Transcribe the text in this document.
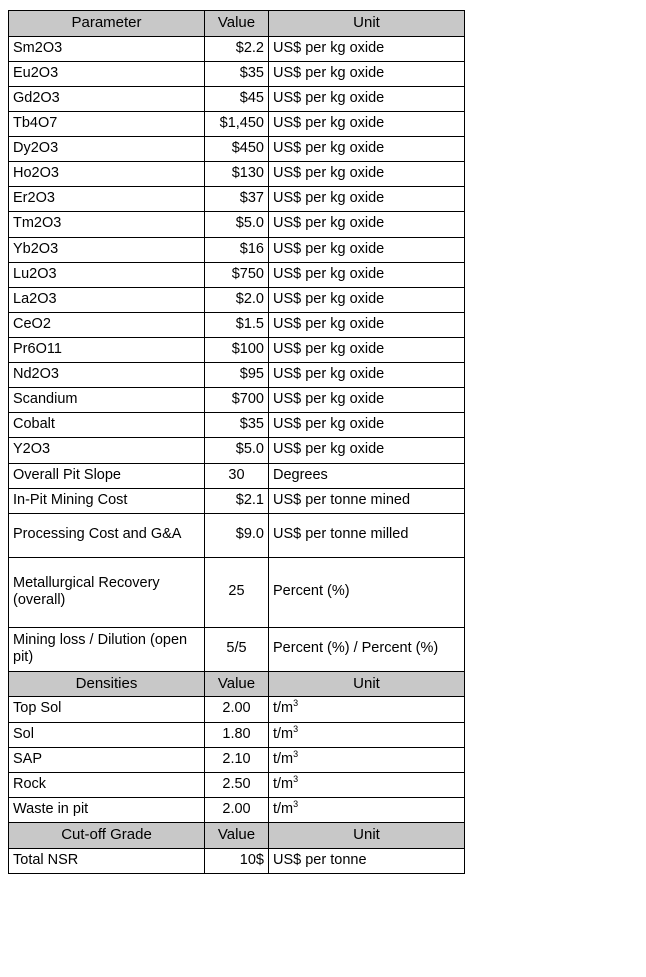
Parameter	Value	Unit
Sm2O3	$2.2	US$ per kg oxide
Eu2O3	$35	US$ per kg oxide
Gd2O3	$45	US$ per kg oxide
Tb4O7	$1,450	US$ per kg oxide
Dy2O3	$450	US$ per kg oxide
Ho2O3	$130	US$ per kg oxide
Er2O3	$37	US$ per kg oxide
Tm2O3	$5.0	US$ per kg oxide
Yb2O3	$16	US$ per kg oxide
Lu2O3	$750	US$ per kg oxide
La2O3	$2.0	US$ per kg oxide
CeO2	$1.5	US$ per kg oxide
Pr6O11	$100	US$ per kg oxide
Nd2O3	$95	US$ per kg oxide
Scandium	$700	US$ per kg oxide
Cobalt	$35	US$ per kg oxide
Y2O3	$5.0	US$ per kg oxide
Overall Pit Slope	30	Degrees
In-Pit Mining Cost	$2.1	US$ per tonne mined
Processing Cost and G&A	$9.0	US$ per tonne milled
Metallurgical Recovery (overall)	25	Percent (%)
Mining loss / Dilution (open pit)	5/5	Percent (%) / Percent (%)
Densities	Value	Unit
Top Sol	2.00	$t/m^3$
Sol	1.80	$t/m^3$
SAP	2.10	$t/m^3$
Rock	2.50	$t/m^3$
Waste in pit	2.00	$t/m^3$
Cut-off Grade	Value	Unit
Total NSR	10$	US$ per tonne
